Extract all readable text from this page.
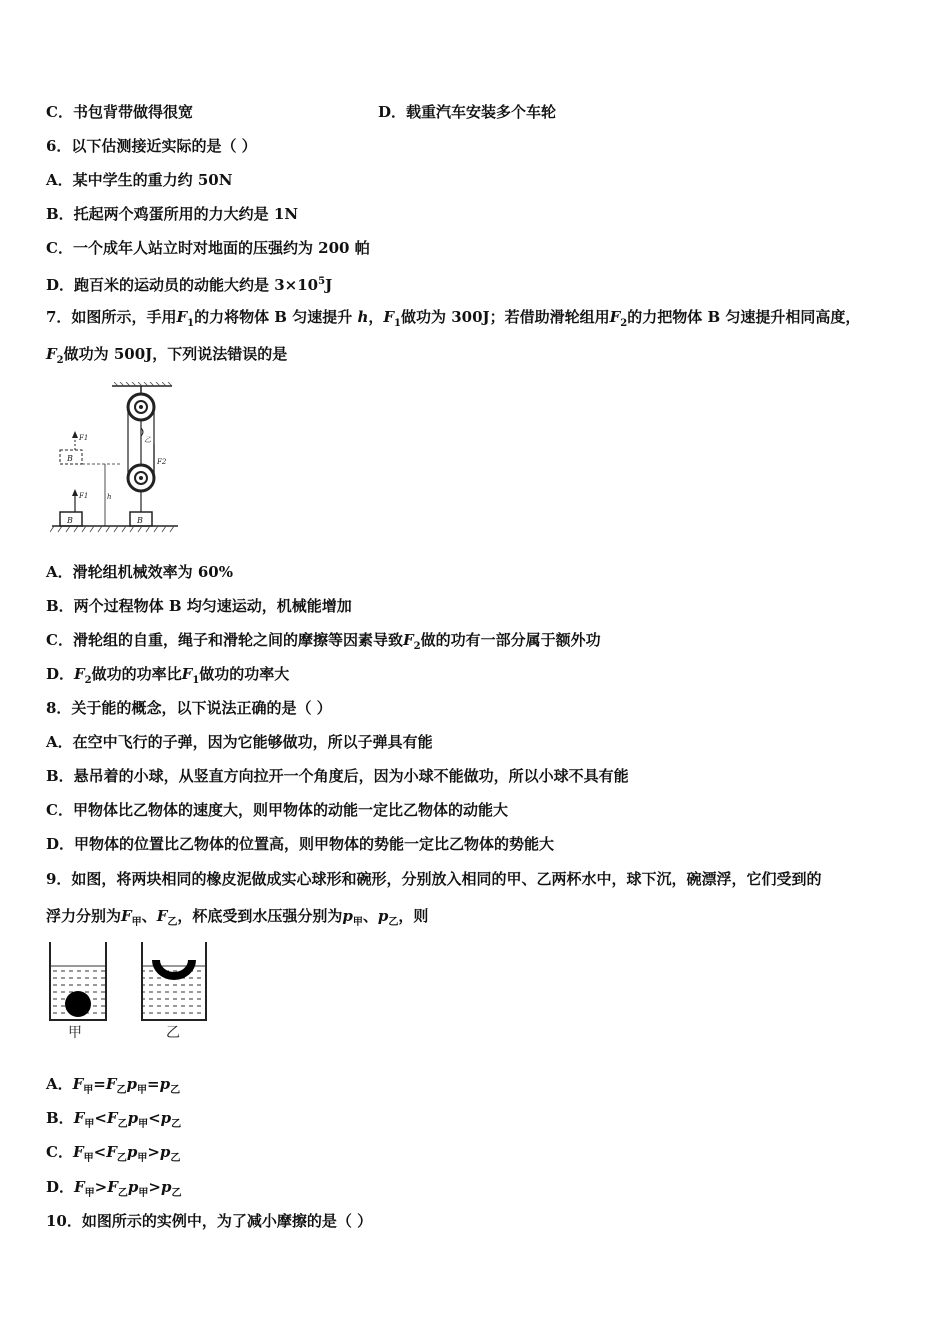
C．书包背带做得很宽	D．载重汽车安装多个车轮
6．以下估测接近实际的是（ ）
A．某中学生的重力约 50N
B．托起两个鸡蛋所用的力大约是 1N
C．一个成年人站立时对地面的压强约为 200 帕
D．跑百米的运动员的动能大约是 $3\times 10^5J$
7．如图所示，手用$F_1$的力将物体 B 匀速提升 h，$F_1$做功为 300J；若借助滑轮组用$F_2$的力把物体 B 匀速提升相同高度，
$F_2$做功为 500J，下列说法错误的是
乙
F2
B
B
F1
B
F1
h
A．滑轮组机械效率为 60%
B．两个过程物体 B 均匀速运动，机械能增加
C．滑轮组的自重，绳子和滑轮之间的摩擦等因素导致$F_2$做的功有一部分属于额外功
D．$F_2$做功的功率比$F_1$做功的功率大
8．关于能的概念，以下说法正确的是（ ）
A．在空中飞行的子弹，因为它能够做功，所以子弹具有能
B．悬吊着的小球，从竖直方向拉开一个角度后，因为小球不能做功，所以小球不具有能
C．甲物体比乙物体的速度大，则甲物体的动能一定比乙物体的动能大
D．甲物体的位置比乙物体的位置高，则甲物体的势能一定比乙物体的势能大
9．如图，将两块相同的橡皮泥做成实心球形和碗形，分别放入相同的甲、乙两杯水中，球下沉，碗漂浮，它们受到的
浮力分别为$F_甲$、$F_乙$，杯底受到水压强分别为$p_甲$、$p_乙$，则
甲	乙
A．$F_甲=F_乙p_甲=p_乙$
B．$F_甲<F_乙p_甲<p_乙$
C．$F_甲<F_乙p_甲>p_乙$
D．$F_甲>F_乙p_甲>p_乙$
10．如图所示的实例中，为了减小摩擦的是（ ）
